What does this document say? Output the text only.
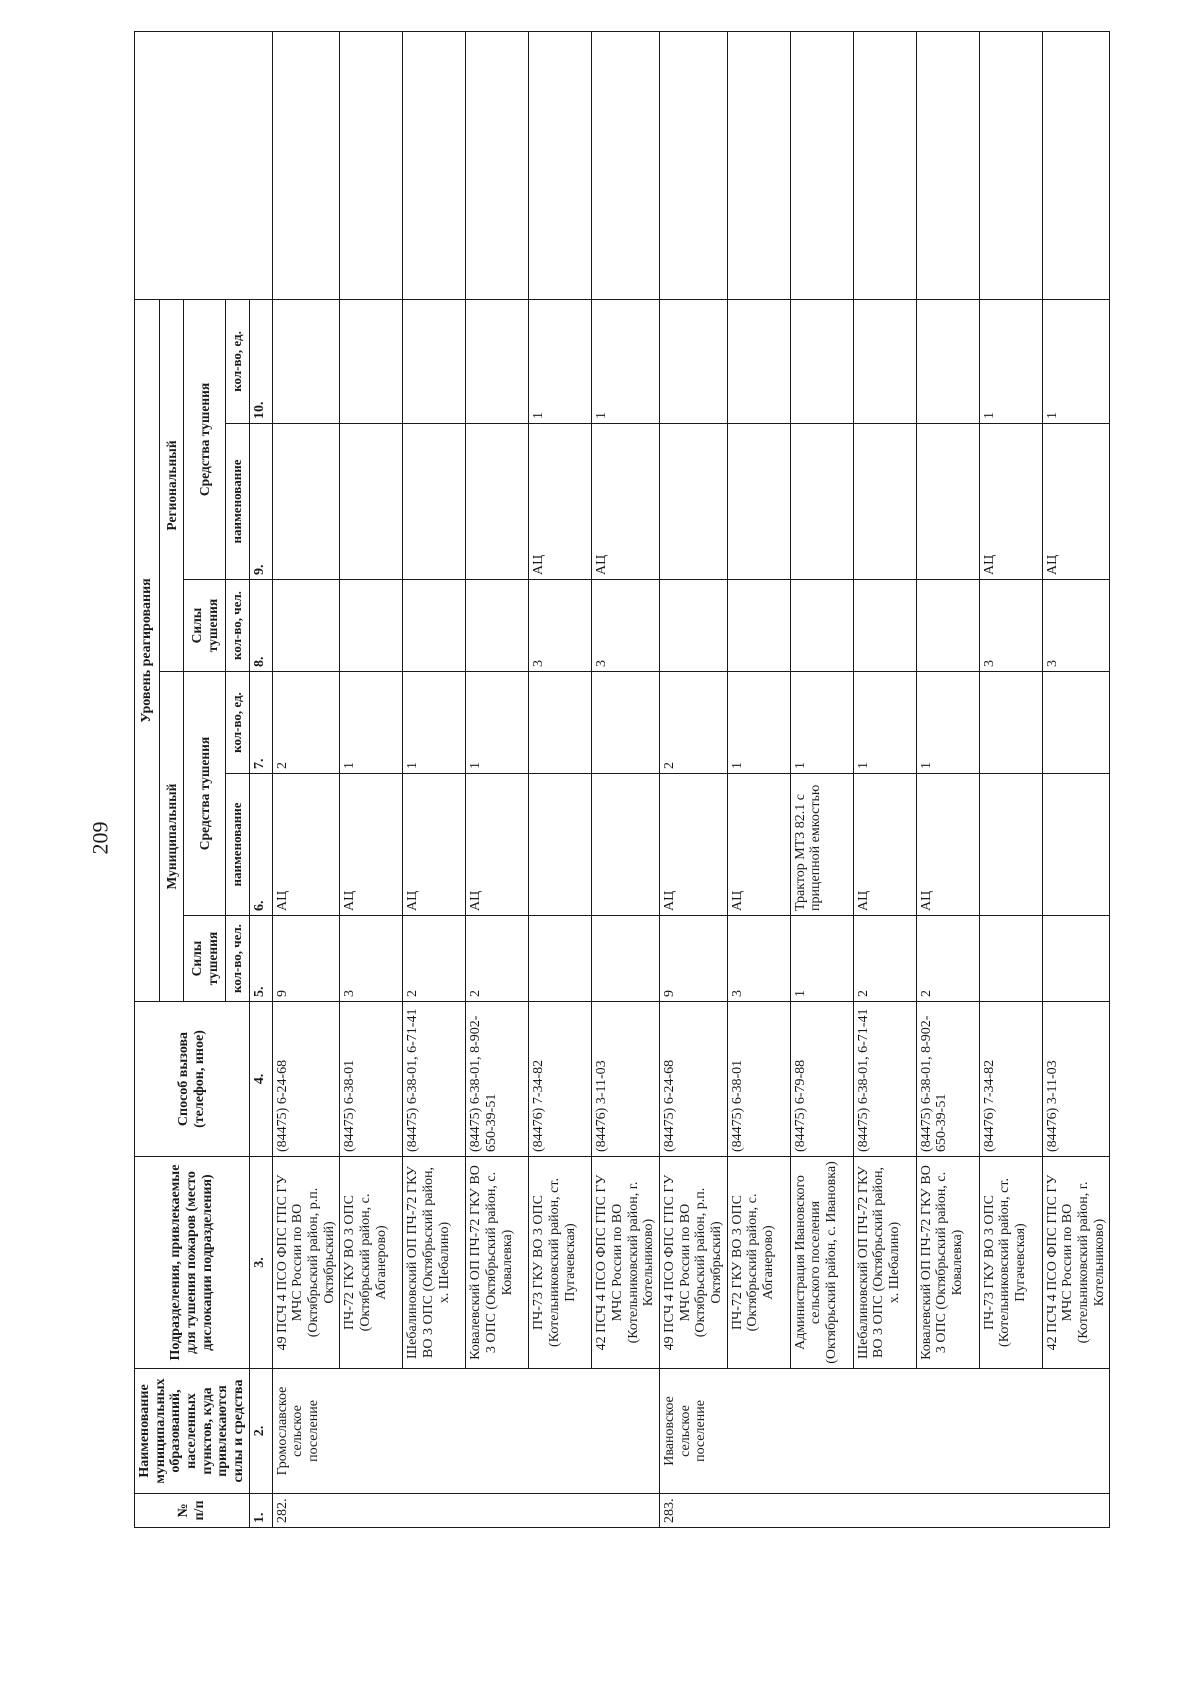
209
№
п/п	Наименование муниципальных образований, населенных пунктов, куда привлекаются силы и средства	Подразделения, привлекаемые для тушения пожаров (место дислокации подразделения)	Способ вызова (телефон, иное)	Уровень реагирования						
				Муниципальный			Региональный			
				Силы тушения	Средства тушения		Силы тушения	Средства тушения		
				кол-во, чел.	наименование	кол-во, ед.	кол-во, чел.	наименование	кол-во, ед.	
1.	2.	3.	4.	5.	6.	7.	8.	9.	10.	
282.	Громославское сельское поселение	49 ПСЧ 4 ПСО ФПС ГПС ГУ МЧС России по ВО (Октябрьский район, р.п. Октябрьский)	(84475) 6-24-68	9	АЦ	2				
		ПЧ-72 ГКУ ВО 3 ОПС (Октябрьский район, с. Абганерово)	(84475) 6-38-01	3	АЦ	1				
		Шебалиновский ОП ПЧ-72 ГКУ ВО 3 ОПС (Октябрьский район, х. Шебалино)	(84475) 6-38-01, 6-71-41	2	АЦ	1				
		Ковалевский ОП ПЧ-72 ГКУ ВО 3 ОПС (Октябрьский район, с. Ковалевка)	(84475) 6-38-01, 8-902-650-39-51	2	АЦ	1				
		ПЧ-73 ГКУ ВО 3 ОПС (Котельниковский район, ст. Пугачевская)	(84476) 7-34-82				3	АЦ	1	
		42 ПСЧ 4 ПСО ФПС ГПС ГУ МЧС России по ВО (Котельниковский район, г. Котельниково)	(84476) 3-11-03				3	АЦ	1	
283.	Ивановское сельское поселение	49 ПСЧ 4 ПСО ФПС ГПС ГУ МЧС России по ВО (Октябрьский район, р.п. Октябрьский)	(84475) 6-24-68	9	АЦ	2				
		ПЧ-72 ГКУ ВО 3 ОПС (Октябрьский район, с. Абганерово)	(84475) 6-38-01	3	АЦ	1				
		Администрация Ивановского сельского поселения (Октябрьский район, с. Ивановка)	(84475) 6-79-88	1	Трактор МТЗ 82.1 с прицепной емкостью	1				
		Шебалиновский ОП ПЧ-72 ГКУ ВО 3 ОПС (Октябрьский район, х. Шебалино)	(84475) 6-38-01, 6-71-41	2	АЦ	1				
		Ковалевский ОП ПЧ-72 ГКУ ВО 3 ОПС (Октябрьский район, с. Ковалевка)	(84475) 6-38-01, 8-902-650-39-51	2	АЦ	1				
		ПЧ-73 ГКУ ВО 3 ОПС (Котельниковский район, ст. Пугачевская)	(84476) 7-34-82				3	АЦ	1	
		42 ПСЧ 4 ПСО ФПС ГПС ГУ МЧС России по ВО (Котельниковский район, г. Котельниково)	(84476) 3-11-03				3	АЦ	1	
